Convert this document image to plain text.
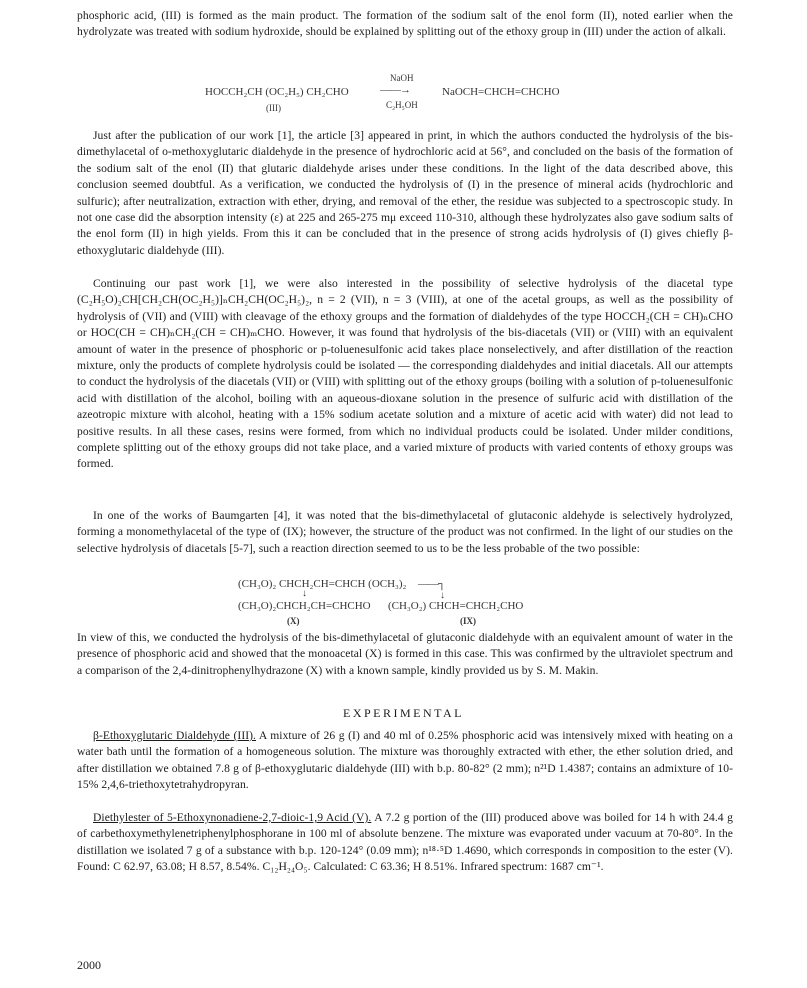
phosphoric acid, (III) is formed as the main product. The formation of the sodium salt of the enol form (II), noted earlier when the hydrolyzate was treated with sodium hydroxide, should be explained by splitting out of the ethoxy group in (III) under the action of alkali.

HOCCH₂CH (OC₂H₅) CH₂CHO
(III)
NaOH
——→
C₂H₅OH
NaOCH=CHCH=CHCHO

Just after the publication of our work [1], the article [3] appeared in print, in which the authors conducted the hydrolysis of the bis-dimethylacetal of o-methoxyglutaric dialdehyde in the presence of hydrochloric acid at 56°, and concluded on the basis of the formation of the sodium salt of the enol (II) that glutaric dialdehyde arises under these conditions. In the light of the data described above, this conclusion seemed doubtful. As a verification, we conducted the hydrolysis of (I) in the presence of mineral acids (hydrochloric and sulfuric); after neutralization, extraction with ether, drying, and removal of the ether, the residue was subjected to a spectroscopic study. In not one case did the absorption intensity (ε) at 225 and 265-275 mμ exceed 110-310, although these hydrolyzates also gave sodium salts of the enol form (II) in high yields. From this it can be concluded that in the presence of strong acids hydrolysis of (I) gives chiefly β-ethoxyglutaric dialdehyde (III).

Continuing our past work [1], we were also interested in the possibility of selective hydrolysis of the diacetal type (C₂H₅O)₂CH[CH₂CH(OC₂H₅)]ₙCH₂CH(OC₂H₅)₂, n = 2 (VII), n = 3 (VIII), at one of the acetal groups, as well as the possibility of hydrolysis of (VII) and (VIII) with cleavage of the ethoxy groups and the formation of dialdehydes of the type HOCCH₂(CH = CH)ₙCHO or HOC(CH = CH)ₙCH₂(CH = CH)ₘCHO. However, it was found that hydrolysis of the bis-diacetals (VII) or (VIII) with an equivalent amount of water in the presence of phosphoric or p-toluenesulfonic acid takes place nonselectively, and after distillation of the reaction mixture, only the products of complete hydrolysis could be isolated — the corresponding dialdehydes and initial diacetals. All our attempts to conduct the hydrolysis of the diacetals (VII) or (VIII) with splitting out of the ethoxy groups (boiling with a solution of p-toluenesulfonic acid with distillation of the alcohol, boiling with an aqueous-dioxane solution in the presence of sulfuric acid with distillation of the azeotropic mixture with alcohol, heating with a 15% sodium acetate solution and a mixture of acetic acid with water) did not lead to positive results. In all these cases, resins were formed, from which no individual products could be isolated. Under milder conditions, complete splitting out of the ethoxy groups did not take place, and a varied mixture of products with varied contents of ethoxy groups was formed.

In one of the works of Baumgarten [4], it was noted that the bis-dimethylacetal of glutaconic aldehyde is selectively hydrolyzed, forming a monomethylacetal of the type of (IX); however, the structure of the product was not confirmed. In the light of our studies on the selective hydrolysis of diacetals [5-7], such a reaction direction seemed to us to be the less probable of the two possible:

(CH₃O)₂ CHCH₂CH=CHCH (OCH₃)₂ ——┐
↓	↓
(CH₃O)₂CHCH₂CH=CHCHO (CH₃O₂) CHCH=CHCH₂CHO
(X)	(IX)

In view of this, we conducted the hydrolysis of the bis-dimethylacetal of glutaconic dialdehyde with an equivalent amount of water in the presence of phosphoric acid and showed that the monoacetal (X) is formed in this case. This was confirmed by the ultraviolet spectrum and a comparison of the 2,4-dinitrophenylhydrazone (X) with a known sample, kindly provided us by S. M. Makin.

EXPERIMENTAL

β-Ethoxyglutaric Dialdehyde (III). A mixture of 26 g (I) and 40 ml of 0.25% phosphoric acid was intensively mixed with heating on a water bath until the formation of a homogeneous solution. The mixture was thoroughly extracted with ether, the ether solution dried, and after distillation we obtained 7.8 g of β-ethoxyglutaric dialdehyde (III) with b.p. 80-82° (2 mm); n²¹D 1.4387; contains an admixture of 10-15% 2,4,6-triethoxytetrahydropyran.

Diethylester of 5-Ethoxynonadiene-2,7-dioic-1,9 Acid (V). A 7.2 g portion of the (III) produced above was boiled for 14 h with 24.4 g of carbethoxymethylenetriphenylphosphorane in 100 ml of absolute benzene. The mixture was evaporated under vacuum at 70-80°. In the distillation we isolated 7 g of a substance with b.p. 120-124° (0.09 mm); n¹⁸·⁵D 1.4690, which corresponds in composition to the ester (V). Found: C 62.97, 63.08; H 8.57, 8.54%. C₁₂H₂₄O₅. Calculated: C 63.36; H 8.51%. Infrared spectrum: 1687 cm⁻¹.

2000
